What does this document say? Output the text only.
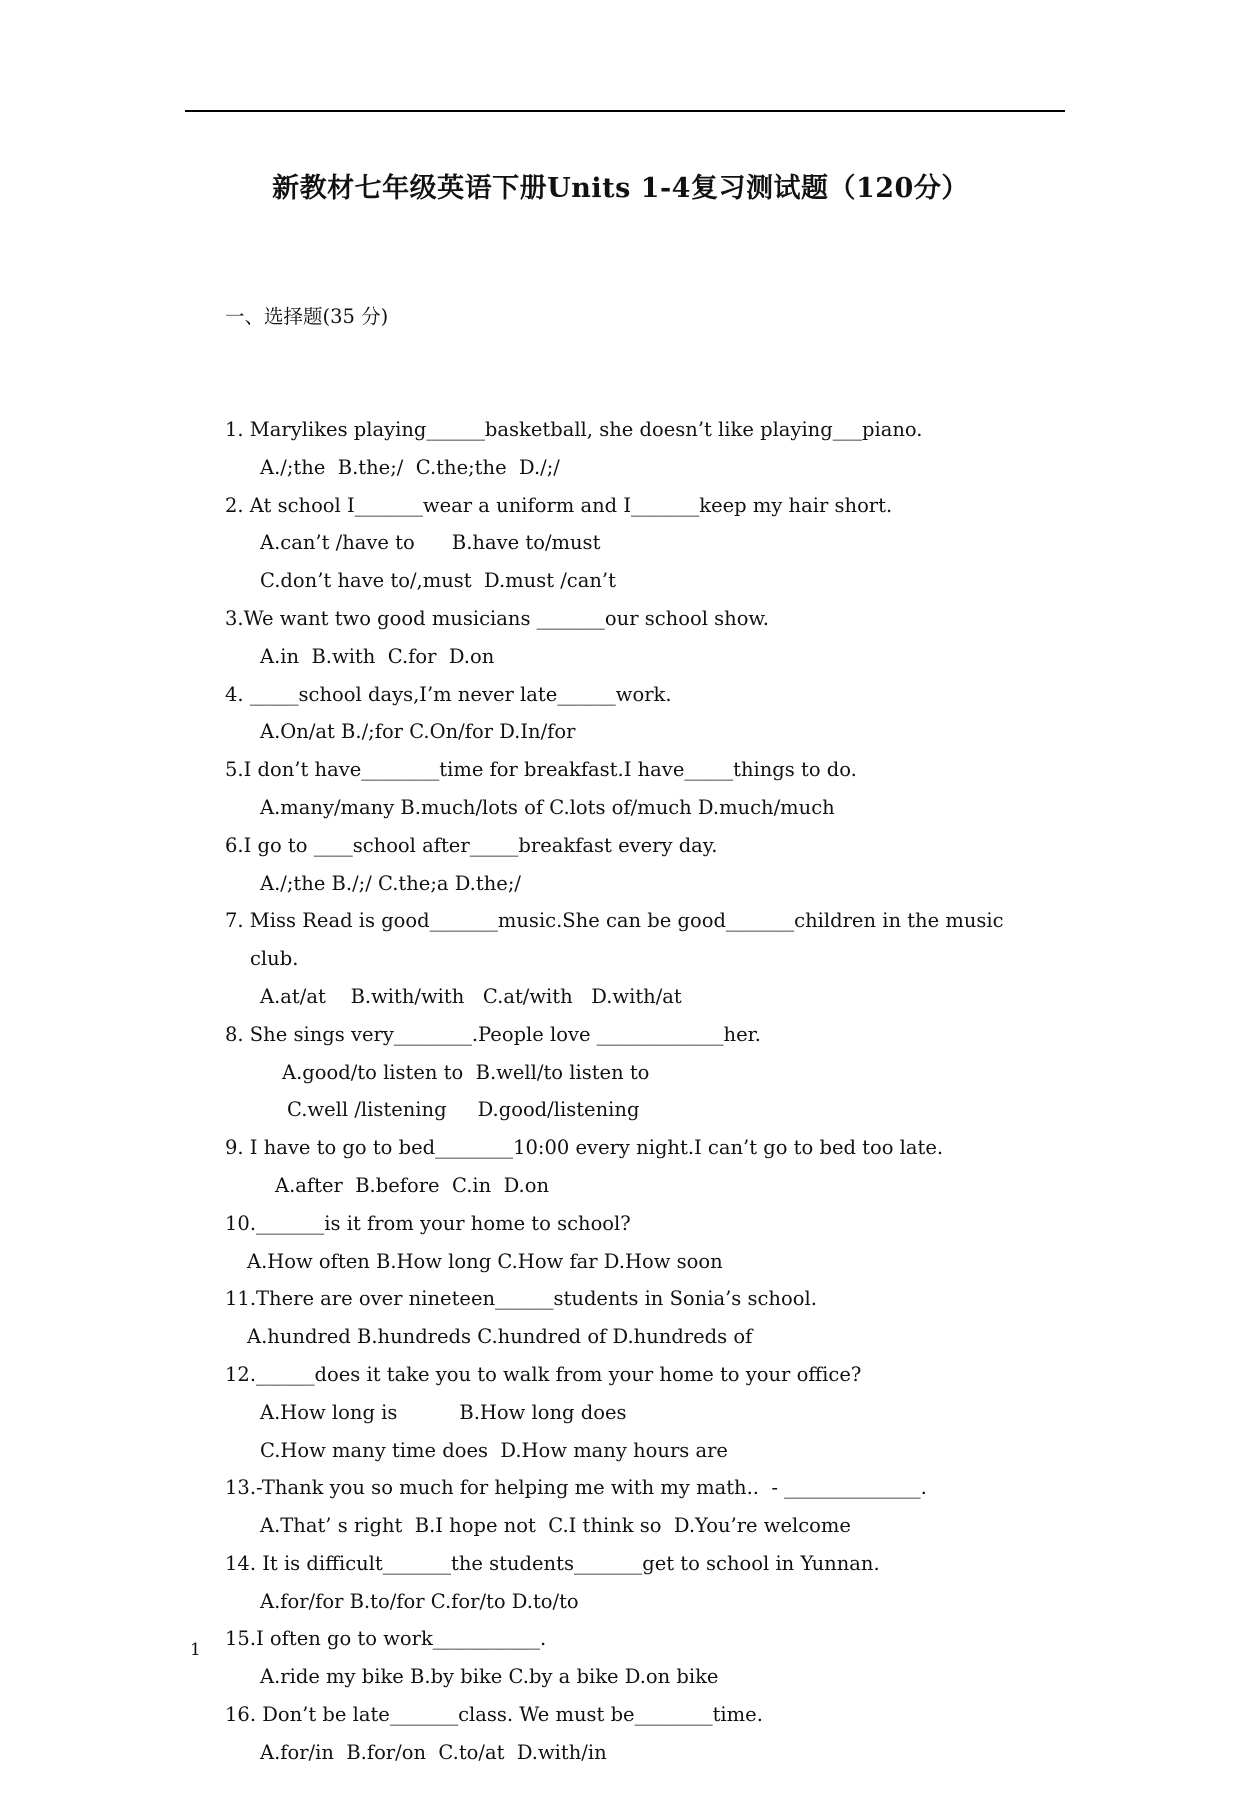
新教材七年级英语下册Units 1-4复习测试题（120分）

一、选择题(35 分)

1. Marylikes playing______basketball, she doesn’t like playing___piano.
A./;the  B.the;/  C.the;the  D./;/
2. At school I_______wear a uniform and I_______keep my hair short.
A.can’t /have to      B.have to/must
C.don’t have to/,must  D.must /can’t
3.We want two good musicians _______our school show.
A.in  B.with  C.for  D.on
4. _____school days,I’m never late______work.
A.On/at B./;for C.On/for D.In/for
5.I don’t have________time for breakfast.I have_____things to do.
A.many/many B.much/lots of C.lots of/much D.much/much
6.I go to ____school after_____breakfast every day.
A./;the B./;/ C.the;a D.the;/
7. Miss Read is good_______music.She can be good_______children in the music
club.
A.at/at    B.with/with   C.at/with   D.with/at
8. She sings very________.People love _____________her.
A.good/to listen to  B.well/to listen to
C.well /listening     D.good/listening
9. I have to go to bed________10:00 every night.I can’t go to bed too late.
A.after  B.before  C.in  D.on
10._______is it from your home to school?
A.How often B.How long C.How far D.How soon
11.There are over nineteen______students in Sonia’s school.
A.hundred B.hundreds C.hundred of D.hundreds of
12.______does it take you to walk from your home to your office?
A.How long is          B.How long does
C.How many time does  D.How many hours are
13.-Thank you so much for helping me with my math..  - ______________.
A.That’ s right  B.I hope not  C.I think so  D.You’re welcome
14. It is difficult_______the students_______get to school in Yunnan.
A.for/for B.to/for C.for/to D.to/to
15.I often go to work___________.
A.ride my bike B.by bike C.by a bike D.on bike
16. Don’t be late_______class. We must be________time.
A.for/in  B.for/on  C.to/at  D.with/in

1
